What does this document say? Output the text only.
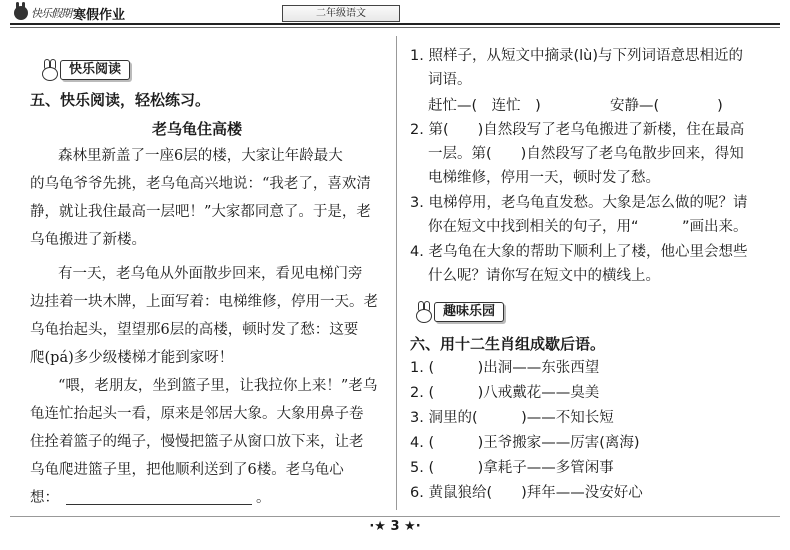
快乐假期 寒假作业	二年级语文
快乐阅读
五、快乐阅读，轻松练习。
老乌龟住高楼
森林里新盖了一座6层的楼，大家让年龄最大
的乌龟爷爷先挑，老乌龟高兴地说：“我老了，喜欢清
静，就让我住最高一层吧！”大家都同意了。于是，老
乌龟搬进了新楼。
有一天，老乌龟从外面散步回来，看见电梯门旁
边挂着一块木牌，上面写着：电梯维修，停用一天。老
乌龟抬起头，望望那6层的高楼，顿时发了愁：这要
爬(pá)多少级楼梯才能到家呀！
“喂，老朋友，坐到篮子里，让我拉你上来！”老乌
龟连忙抬起头一看，原来是邻居大象。大象用鼻子卷
住拴着篮子的绳子，慢慢把篮子从窗口放下来，让老
乌龟爬进篮子里，把他顺利送到了6楼。老乌龟心
想：	。
1. 照样子，从短文中摘录(lù)与下列词语意思相近的
词语。
赶忙—(　连忙　)	安静—(　　　　)
2. 第(　　)自然段写了老乌龟搬进了新楼，住在最高
一层。第(　　)自然段写了老乌龟散步回来，得知
电梯维修，停用一天，顿时发了愁。
3. 电梯停用，老乌龟直发愁。大象是怎么做的呢？请
你在短文中找到相关的句子，用“　　　”画出来。
4. 老乌龟在大象的帮助下顺利上了楼，他心里会想些
什么呢？请你写在短文中的横线上。
趣味乐园
六、用十二生肖组成歇后语。
1. (　　　)出洞——东张西望
2. (　　　)八戒戴花——臭美
3. 洞里的(　　　)——不知长短
4. (　　　)王爷搬家——厉害(离海)
5. (　　　)拿耗子——多管闲事
6. 黄鼠狼给(　　)拜年——没安好心
·★ 3 ★·
